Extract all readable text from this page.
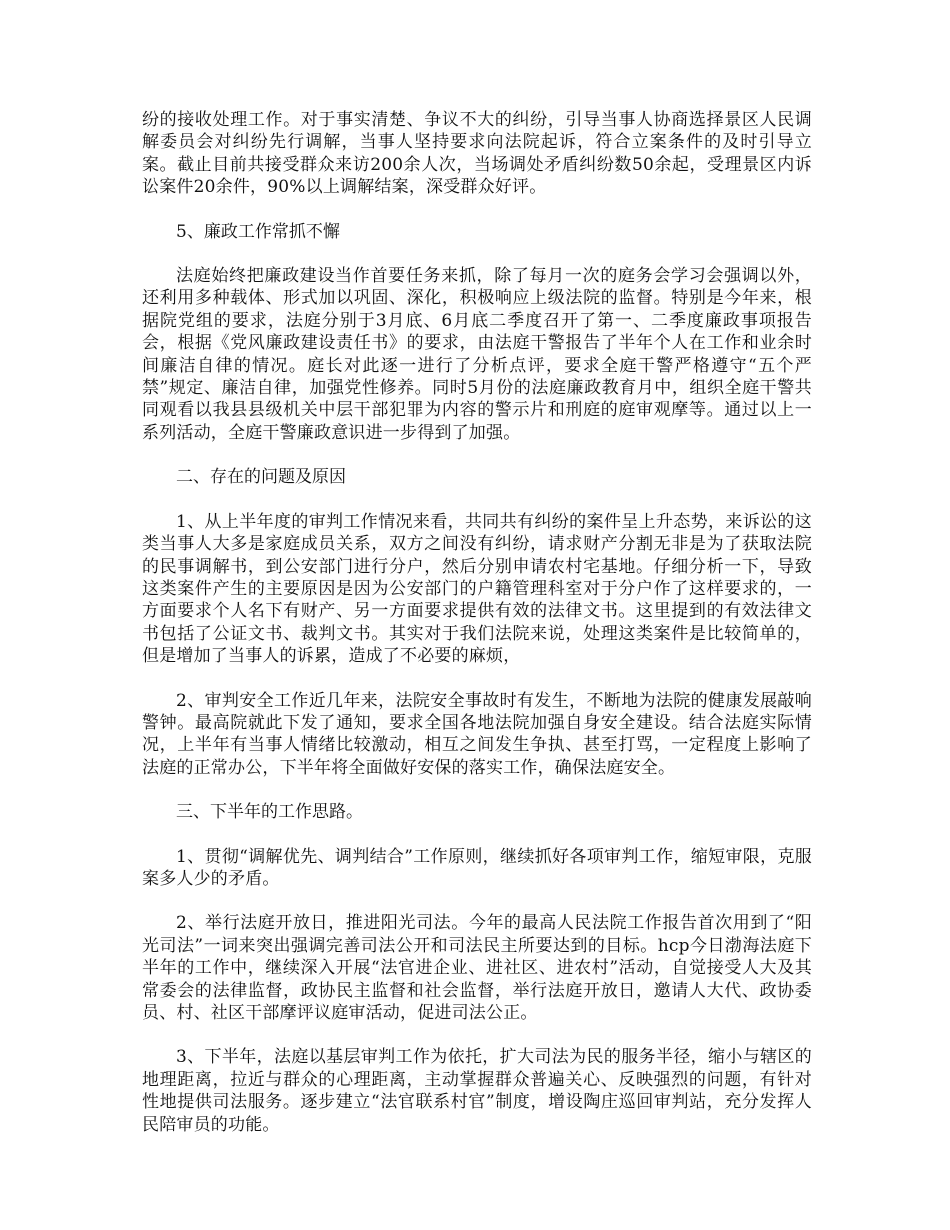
纷的接收处理工作。对于事实清楚、争议不大的纠纷，引导当事人协商选择景区人民调解委员会对纠纷先行调解，当事人坚持要求向法院起诉，符合立案条件的及时引导立案。截止目前共接受群众来访200余人次，当场调处矛盾纠纷数50余起，受理景区内诉讼案件20余件，90%以上调解结案，深受群众好评。

5、廉政工作常抓不懈

法庭始终把廉政建设当作首要任务来抓，除了每月一次的庭务会学习会强调以外，还利用多种载体、形式加以巩固、深化，积极响应上级法院的监督。特别是今年来，根据院党组的要求，法庭分别于3月底、6月底二季度召开了第一、二季度廉政事项报告会，根据《党风廉政建设责任书》的要求，由法庭干警报告了半年个人在工作和业余时间廉洁自律的情况。庭长对此逐一进行了分析点评，要求全庭干警严格遵守“五个严禁”规定、廉洁自律，加强党性修养。同时5月份的法庭廉政教育月中，组织全庭干警共同观看以我县县级机关中层干部犯罪为内容的警示片和刑庭的庭审观摩等。通过以上一系列活动，全庭干警廉政意识进一步得到了加强。

二、存在的问题及原因

1、从上半年度的审判工作情况来看，共同共有纠纷的案件呈上升态势，来诉讼的这类当事人大多是家庭成员关系，双方之间没有纠纷，请求财产分割无非是为了获取法院的民事调解书，到公安部门进行分户，然后分别申请农村宅基地。仔细分析一下，导致这类案件产生的主要原因是因为公安部门的户籍管理科室对于分户作了这样要求的，一方面要求个人名下有财产、另一方面要求提供有效的法律文书。这里提到的有效法律文书包括了公证文书、裁判文书。其实对于我们法院来说，处理这类案件是比较简单的，但是增加了当事人的诉累，造成了不必要的麻烦，

2、审判安全工作近几年来，法院安全事故时有发生，不断地为法院的健康发展敲响警钟。最高院就此下发了通知，要求全国各地法院加强自身安全建设。结合法庭实际情况，上半年有当事人情绪比较激动，相互之间发生争执、甚至打骂，一定程度上影响了法庭的正常办公，下半年将全面做好安保的落实工作，确保法庭安全。

三、下半年的工作思路。

1、贯彻“调解优先、调判结合”工作原则，继续抓好各项审判工作，缩短审限，克服案多人少的矛盾。

2、举行法庭开放日，推进阳光司法。今年的最高人民法院工作报告首次用到了“阳光司法”一词来突出强调完善司法公开和司法民主所要达到的目标。hcp今日渤海法庭下半年的工作中，继续深入开展“法官进企业、进社区、进农村”活动，自觉接受人大及其常委会的法律监督，政协民主监督和社会监督，举行法庭开放日，邀请人大代、政协委员、村、社区干部摩评议庭审活动，促进司法公正。

3、下半年，法庭以基层审判工作为依托，扩大司法为民的服务半径，缩小与辖区的地理距离，拉近与群众的心理距离，主动掌握群众普遍关心、反映强烈的问题，有针对性地提供司法服务。逐步建立“法官联系村官”制度，增设陶庄巡回审判站，充分发挥人民陪审员的功能。
